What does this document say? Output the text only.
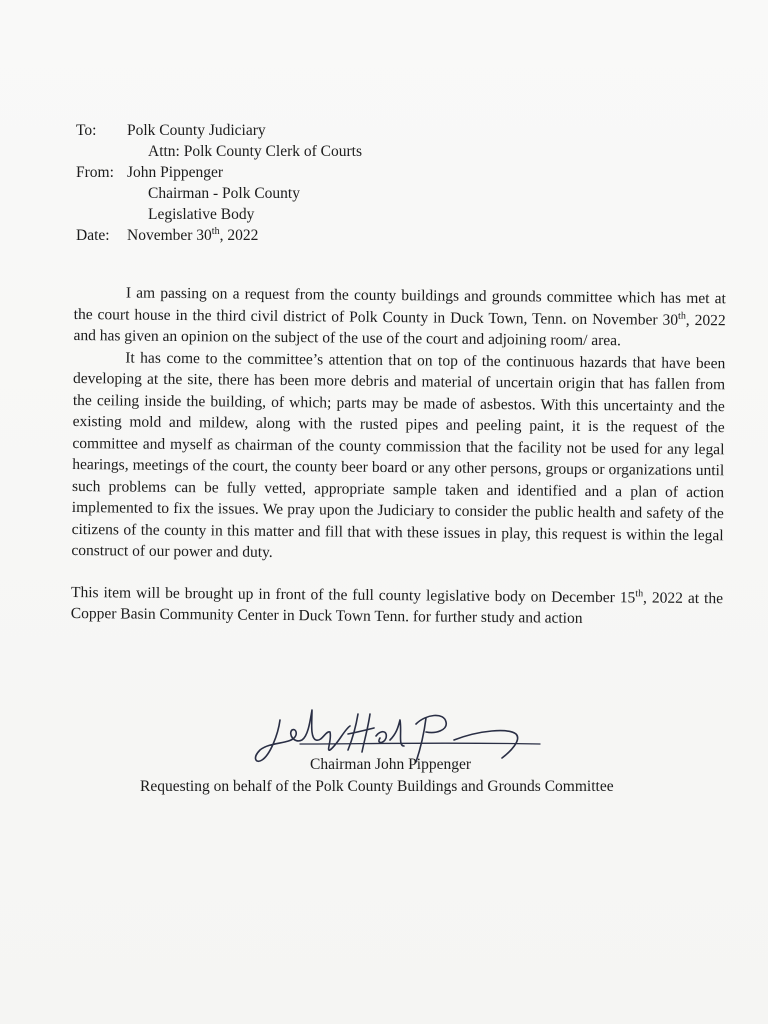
To:	Polk County Judiciary
Attn: Polk County Clerk of Courts
From: John Pippenger
Chairman - Polk County
Legislative Body
Date:	November 30th, 2022

I am passing on a request from the county buildings and grounds committee which has met at the court house in the third civil district of Polk County in Duck Town, Tenn. on November 30th, 2022 and has given an opinion on the subject of the use of the court and adjoining room/ area.

It has come to the committee’s attention that on top of the continuous hazards that have been developing at the site, there has been more debris and material of uncertain origin that has fallen from the ceiling inside the building, of which; parts may be made of asbestos. With this uncertainty and the existing mold and mildew, along with the rusted pipes and peeling paint, it is the request of the committee and myself as chairman of the county commission that the facility not be used for any legal hearings, meetings of the court, the county beer board or any other persons, groups or organizations until such problems can be fully vetted, appropriate sample taken and identified and a plan of action implemented to fix the issues. We pray upon the Judiciary to consider the public health and safety of the citizens of the county in this matter and fill that with these issues in play, this request is within the legal construct of our power and duty.

This item will be brought up in front of the full county legislative body on December 15th, 2022 at the Copper Basin Community Center in Duck Town Tenn. for further study and action

Chairman John Pippenger
Requesting on behalf of the Polk County Buildings and Grounds Committee
